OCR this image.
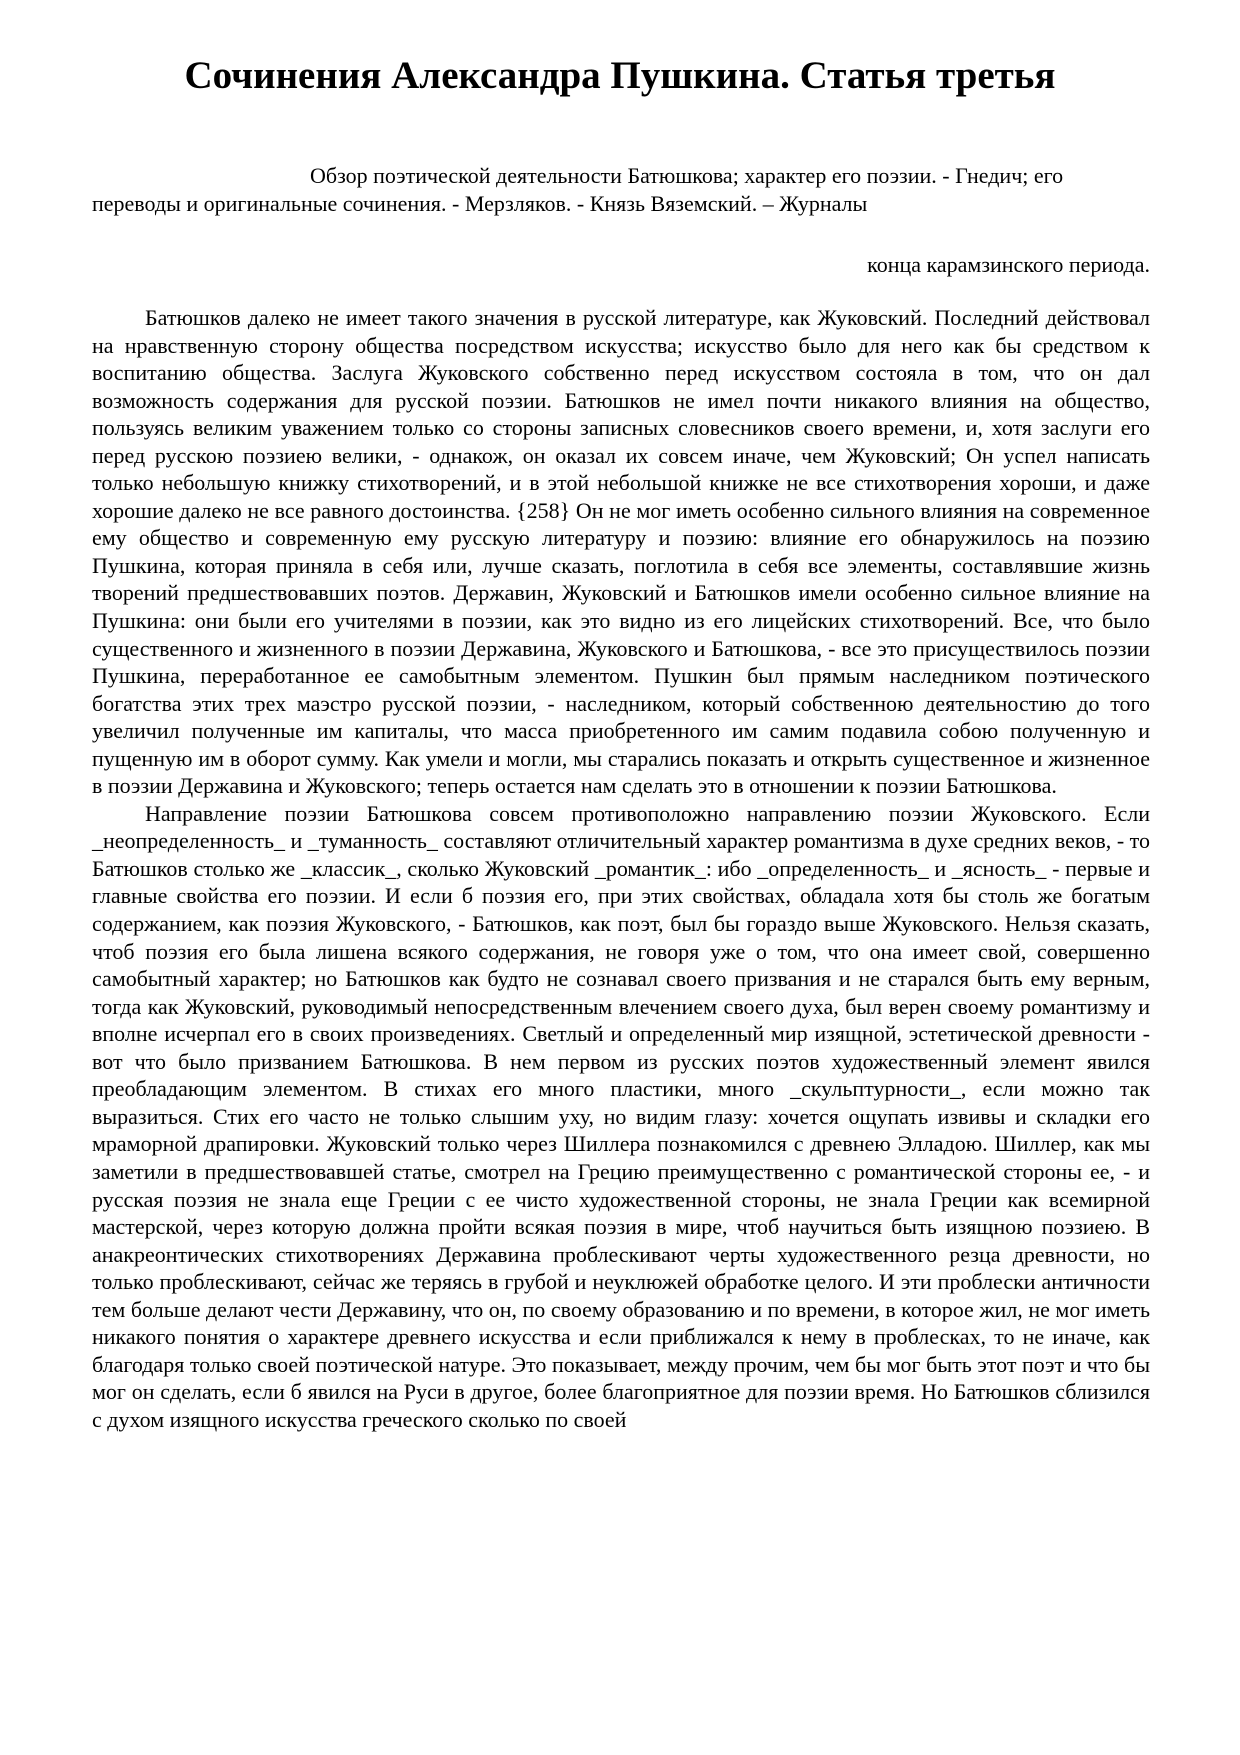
Сочинения Александра Пушкина. Статья третья

Обзор поэтической деятельности Батюшкова; характер его поэзии. - Гнедич; его переводы и оригинальные сочинения. - Мерзляков. - Князь Вяземский. – Журналы

конца карамзинского периода.

Батюшков далеко не имеет такого значения в русской литературе, как Жуковский. Последний действовал на нравственную сторону общества посредством искусства; искусство было для него как бы средством к воспитанию общества. Заслуга Жуковского собственно перед искусством состояла в том, что он дал возможность содержания для русской поэзии. Батюшков не имел почти никакого влияния на общество, пользуясь великим уважением только со стороны записных словесников своего времени, и, хотя заслуги его перед русскою поэзиею велики, - однакож, он оказал их совсем иначе, чем Жуковский; Он успел написать только небольшую книжку стихотворений, и в этой небольшой книжке не все стихотворения хороши, и даже хорошие далеко не все равного достоинства. {258} Он не мог иметь особенно сильного влияния на современное ему общество и современную ему русскую литературу и поэзию: влияние его обнаружилось на поэзию Пушкина, которая приняла в себя или, лучше сказать, поглотила в себя все элементы, составлявшие жизнь творений предшествовавших поэтов. Державин, Жуковский и Батюшков имели особенно сильное влияние на Пушкина: они были его учителями в поэзии, как это видно из его лицейских стихотворений. Все, что было существенного и жизненного в поэзии Державина, Жуковского и Батюшкова, - все это присуществилось поэзии Пушкина, переработанное ее самобытным элементом. Пушкин был прямым наследником поэтического богатства этих трех маэстро русской поэзии, - наследником, который собственною деятельностию до того увеличил полученные им капиталы, что масса приобретенного им самим подавила собою полученную и пущенную им в оборот сумму. Как умели и могли, мы старались показать и открыть существенное и жизненное в поэзии Державина и Жуковского; теперь остается нам сделать это в отношении к поэзии Батюшкова.

Направление поэзии Батюшкова совсем противоположно направлению поэзии Жуковского. Если _неопределенность_ и _туманность_ составляют отличительный характер романтизма в духе средних веков, - то Батюшков столько же _классик_, сколько Жуковский _романтик_: ибо _определенность_ и _ясность_ - первые и главные свойства его поэзии. И если б поэзия его, при этих свойствах, обладала хотя бы столь же богатым содержанием, как поэзия Жуковского, - Батюшков, как поэт, был бы гораздо выше Жуковского. Нельзя сказать, чтоб поэзия его была лишена всякого содержания, не говоря уже о том, что она имеет свой, совершенно самобытный характер; но Батюшков как будто не сознавал своего призвания и не старался быть ему верным, тогда как Жуковский, руководимый непосредственным влечением своего духа, был верен своему романтизму и вполне исчерпал его в своих произведениях. Светлый и определенный мир изящной, эстетической древности - вот что было призванием Батюшкова. В нем первом из русских поэтов художественный элемент явился преобладающим элементом. В стихах его много пластики, много _скульптурности_, если можно так выразиться. Стих его часто не только слышим уху, но видим глазу: хочется ощупать извивы и складки его мраморной драпировки. Жуковский только через Шиллера познакомился с древнею Элладою. Шиллер, как мы заметили в предшествовавшей статье, смотрел на Грецию преимущественно с романтической стороны ее, - и русская поэзия не знала еще Греции с ее чисто художественной стороны, не знала Греции как всемирной мастерской, через которую должна пройти всякая поэзия в мире, чтоб научиться быть изящною поэзиею. В анакреонтических стихотворениях Державина проблескивают черты художественного резца древности, но только проблескивают, сейчас же теряясь в грубой и неуклюжей обработке целого. И эти проблески античности тем больше делают чести Державину, что он, по своему образованию и по времени, в которое жил, не мог иметь никакого понятия о характере древнего искусства и если приближался к нему в проблесках, то не иначе, как благодаря только своей поэтической натуре. Это показывает, между прочим, чем бы мог быть этот поэт и что бы мог он сделать, если б явился на Руси в другое, более благоприятное для поэзии время. Но Батюшков сблизился с духом изящного искусства греческого сколько по своей
